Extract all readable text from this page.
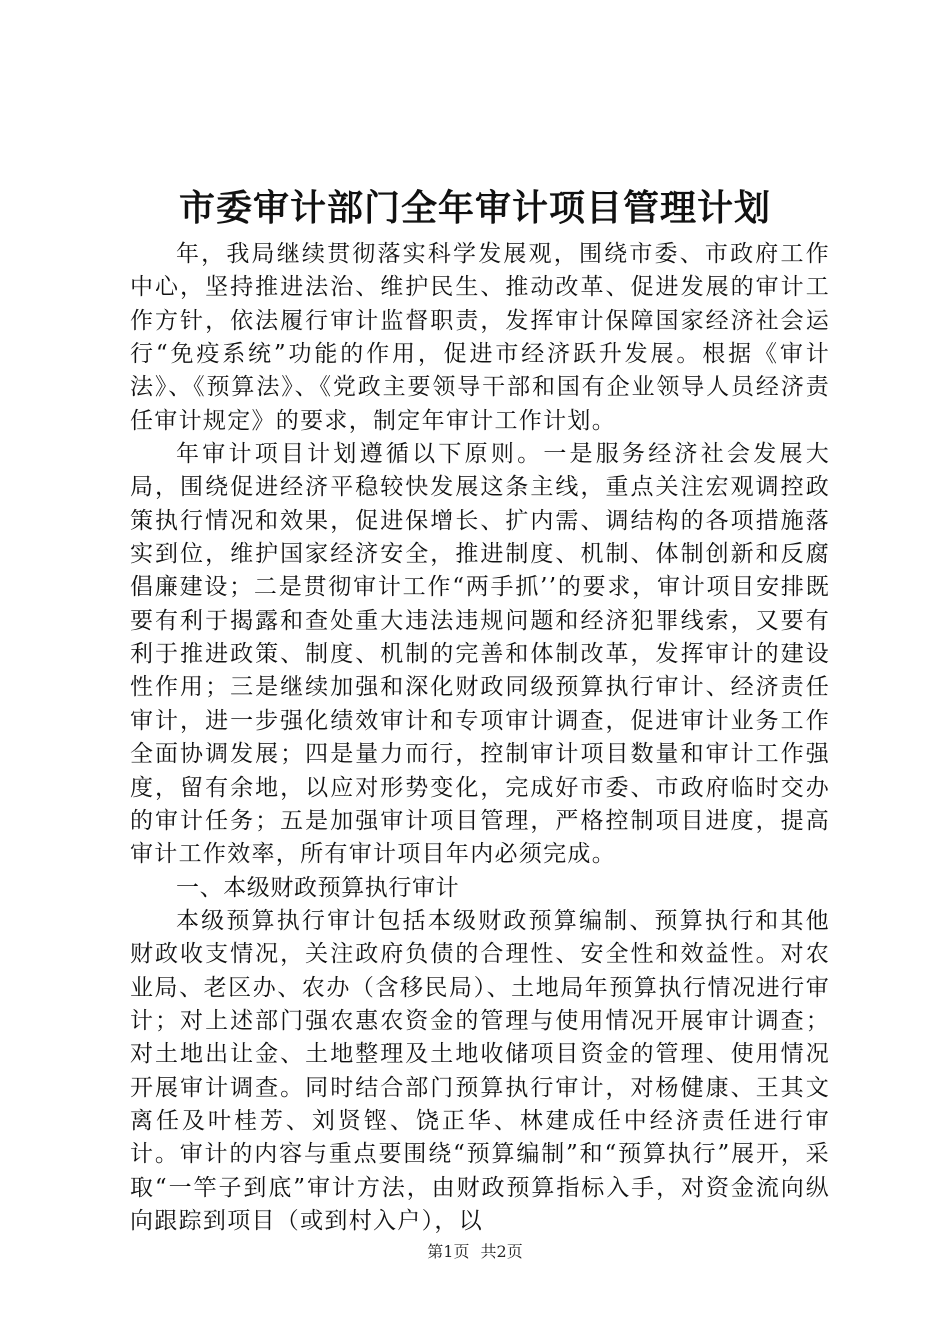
市委审计部门全年审计项目管理计划

年，我局继续贯彻落实科学发展观，围绕市委、市政府工作中心，坚持推进法治、维护民生、推动改革、促进发展的审计工作方针，依法履行审计监督职责，发挥审计保障国家经济社会运行“免疫系统”功能的作用，促进市经济跃升发展。根据《审计法》、《预算法》、《党政主要领导干部和国有企业领导人员经济责任审计规定》的要求，制定年审计工作计划。

年审计项目计划遵循以下原则。一是服务经济社会发展大局，围绕促进经济平稳较快发展这条主线，重点关注宏观调控政策执行情况和效果，促进保增长、扩内需、调结构的各项措施落实到位，维护国家经济安全，推进制度、机制、体制创新和反腐倡廉建设；二是贯彻审计工作“两手抓’’的要求，审计项目安排既要有利于揭露和查处重大违法违规问题和经济犯罪线索，又要有利于推进政策、制度、机制的完善和体制改革，发挥审计的建设性作用；三是继续加强和深化财政同级预算执行审计、经济责任审计，进一步强化绩效审计和专项审计调查，促进审计业务工作全面协调发展；四是量力而行，控制审计项目数量和审计工作强度，留有余地，以应对形势变化，完成好市委、市政府临时交办的审计任务；五是加强审计项目管理，严格控制项目进度，提高审计工作效率，所有审计项目年内必须完成。

一、本级财政预算执行审计

本级预算执行审计包括本级财政预算编制、预算执行和其他财政收支情况，关注政府负债的合理性、安全性和效益性。对农业局、老区办、农办（含移民局）、土地局年预算执行情况进行审计；对上述部门强农惠农资金的管理与使用情况开展审计调查；对土地出让金、土地整理及土地收储项目资金的管理、使用情况开展审计调查。同时结合部门预算执行审计，对杨健康、王其文离任及叶桂芳、刘贤铿、饶正华、林建成任中经济责任进行审计。审计的内容与重点要围绕“预算编制”和“预算执行”展开，采取“一竿子到底”审计方法，由财政预算指标入手，对资金流向纵向跟踪到项目（或到村入户），以

第1页 共2页
